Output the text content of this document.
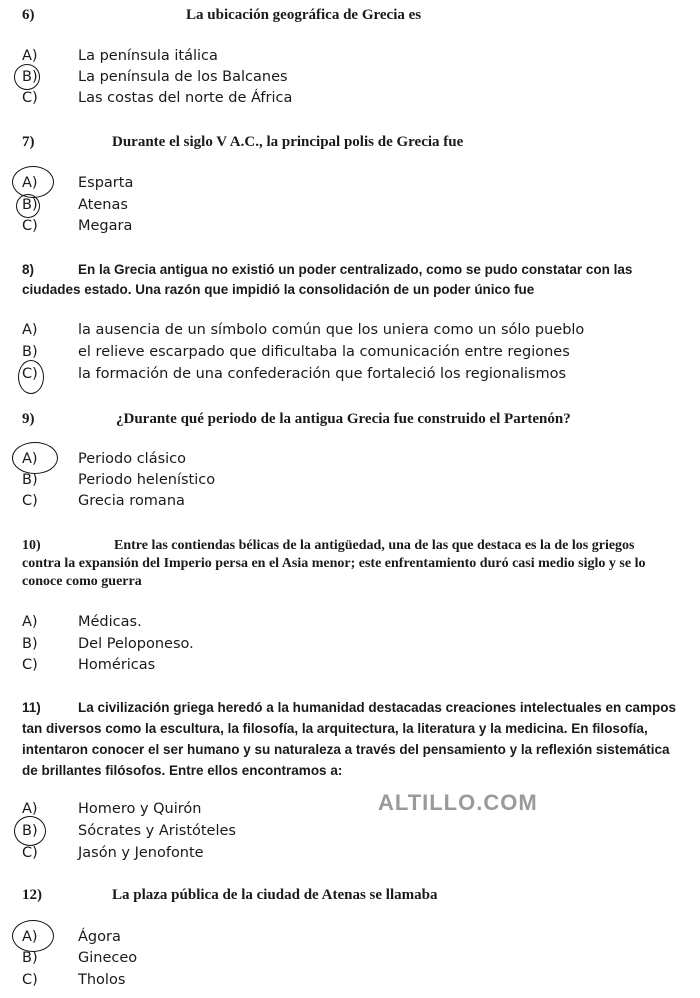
6)	La ubicación geográfica de Grecia es
A)	La península itálica
B)	La península de los Balcanes
C)	Las costas del norte de África
7)	Durante el siglo V A.C., la principal polis de Grecia fue
A)	Esparta
B)	Atenas
C)	Megara
8)	En la Grecia antigua no existió un poder centralizado, como se pudo constatar con las ciudades estado. Una razón que impidió la consolidación de un poder único fue
A)	la ausencia de un símbolo común que los uniera como un sólo pueblo
B)	el relieve escarpado que dificultaba la comunicación entre regiones
C)	la formación de una confederación que fortaleció los regionalismos
9)	¿Durante qué periodo de la antigua Grecia fue construido el Partenón?
A)	Periodo clásico
B)	Periodo helenístico
C)	Grecia romana
10)	Entre las contiendas bélicas de la antigüedad, una de las que destaca es la de los griegos contra la expansión del Imperio persa en el Asia menor; este enfrentamiento duró casi medio siglo y se lo conoce como guerra
A)	Médicas.
B)	Del Peloponeso.
C)	Homéricas
11)	La civilización griega heredó a la humanidad destacadas creaciones intelectuales en campos tan diversos como la escultura, la filosofía, la arquitectura, la literatura y la medicina. En filosofía, intentaron conocer el ser humano y su naturaleza a través del pensamiento y la reflexión sistemática de brillantes filósofos. Entre ellos encontramos a:
A)	Homero y Quirón
B)	Sócrates y Aristóteles
C)	Jasón y Jenofonte
ALTILLO.COM
12)	La plaza pública de la ciudad de Atenas se llamaba
A)	Ágora
B)	Gineceo
C)	Tholos
